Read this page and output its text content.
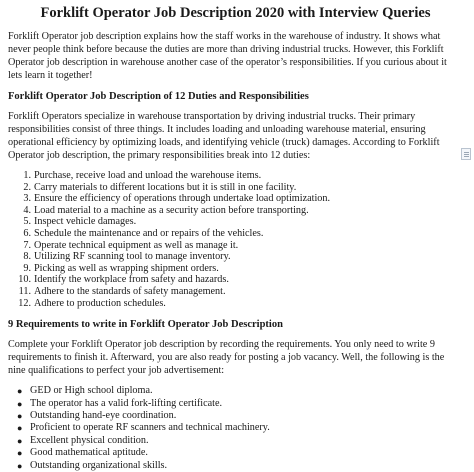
Forklift Operator Job Description 2020 with Interview Queries

Forklift Operator job description explains how the staff works in the warehouse of industry. It shows what never people think before because the duties are more than driving industrial trucks. However, this Forklift Operator job description in warehouse another case of the operator’s responsibilities. If you curious about it lets learn it together!

Forklift Operator Job Description of 12 Duties and Responsibilities

Forklift Operators specialize in warehouse transportation by driving industrial trucks. Their primary responsibilities consist of three things. It includes loading and unloading warehouse material, ensuring operational efficiency by optimizing loads, and identifying vehicle (truck) damages. According to Forklift Operator job description, the primary responsibilities break into 12 duties:

1. Purchase, receive load and unload the warehouse items.
2. Carry materials to different locations but it is still in one facility.
3. Ensure the efficiency of operations through undertake load optimization.
4. Load material to a machine as a security action before transporting.
5. Inspect vehicle damages.
6. Schedule the maintenance and or repairs of the vehicles.
7. Operate technical equipment as well as manage it.
8. Utilizing RF scanning tool to manage inventory.
9. Picking as well as wrapping shipment orders.
10. Identify the workplace from safety and hazards.
11. Adhere to the standards of safety management.
12. Adhere to production schedules.
9 Requirements to write in Forklift Operator Job Description

Complete your Forklift Operator job description by recording the requirements. You only need to write 9 requirements to finish it. Afterward, you are also ready for posting a job vacancy. Well, the following is the nine qualifications to perfect your job advertisement:

● GED or High school diploma.
● The operator has a valid fork-lifting certificate.
● Outstanding hand-eye coordination.
● Proficient to operate RF scanners and technical machinery.
● Excellent physical condition.
● Good mathematical aptitude.
● Outstanding organizational skills.
